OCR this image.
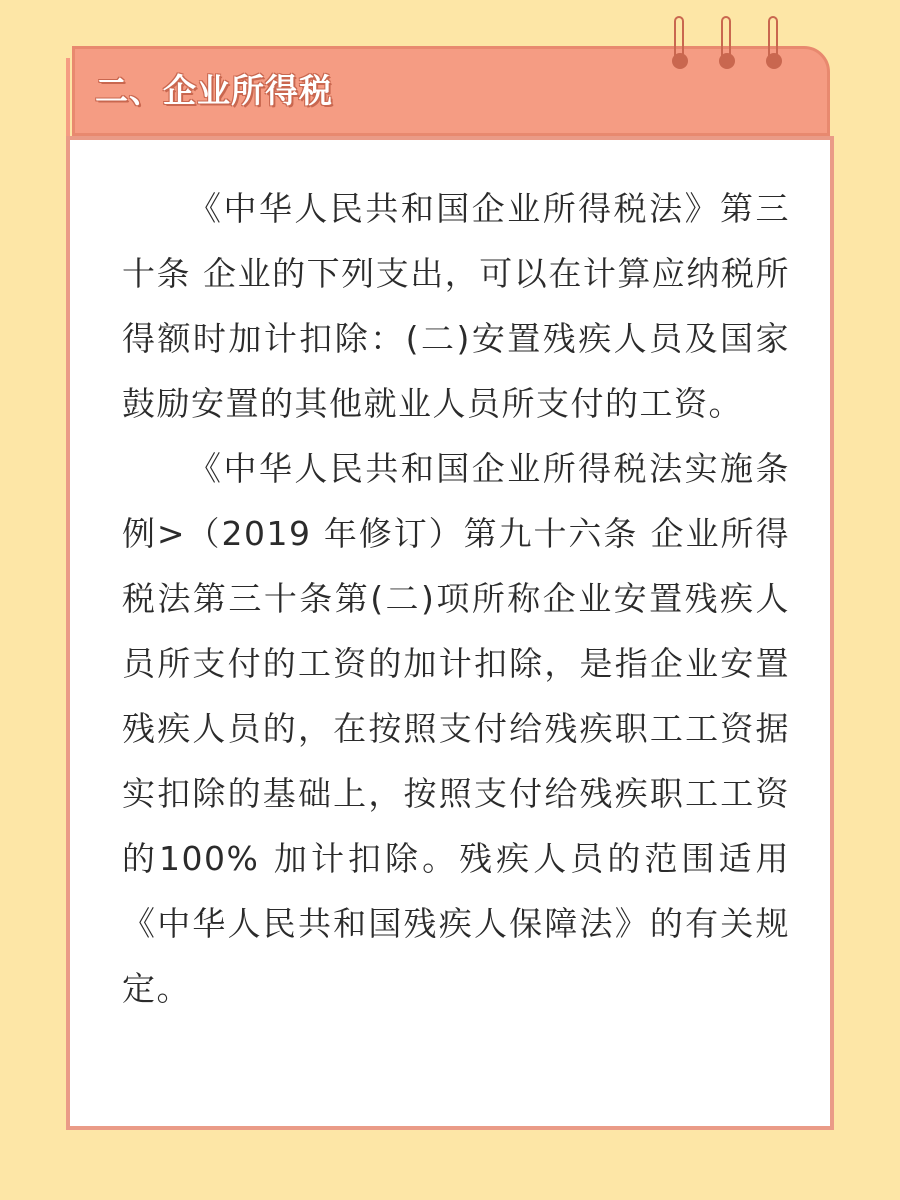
二、企业所得税

《中华人民共和国企业所得税法》第三十条 企业的下列支出，可以在计算应纳税所得额时加计扣除：(二)安置残疾人员及国家鼓励安置的其他就业人员所支付的工资。

《中华人民共和国企业所得税法实施条例>（2019 年修订）第九十六条 企业所得税法第三十条第(二)项所称企业安置残疾人员所支付的工资的加计扣除，是指企业安置残疾人员的，在按照支付给残疾职工工资据实扣除的基础上，按照支付给残疾职工工资的100% 加计扣除。残疾人员的范围适用《中华人民共和国残疾人保障法》的有关规定。
